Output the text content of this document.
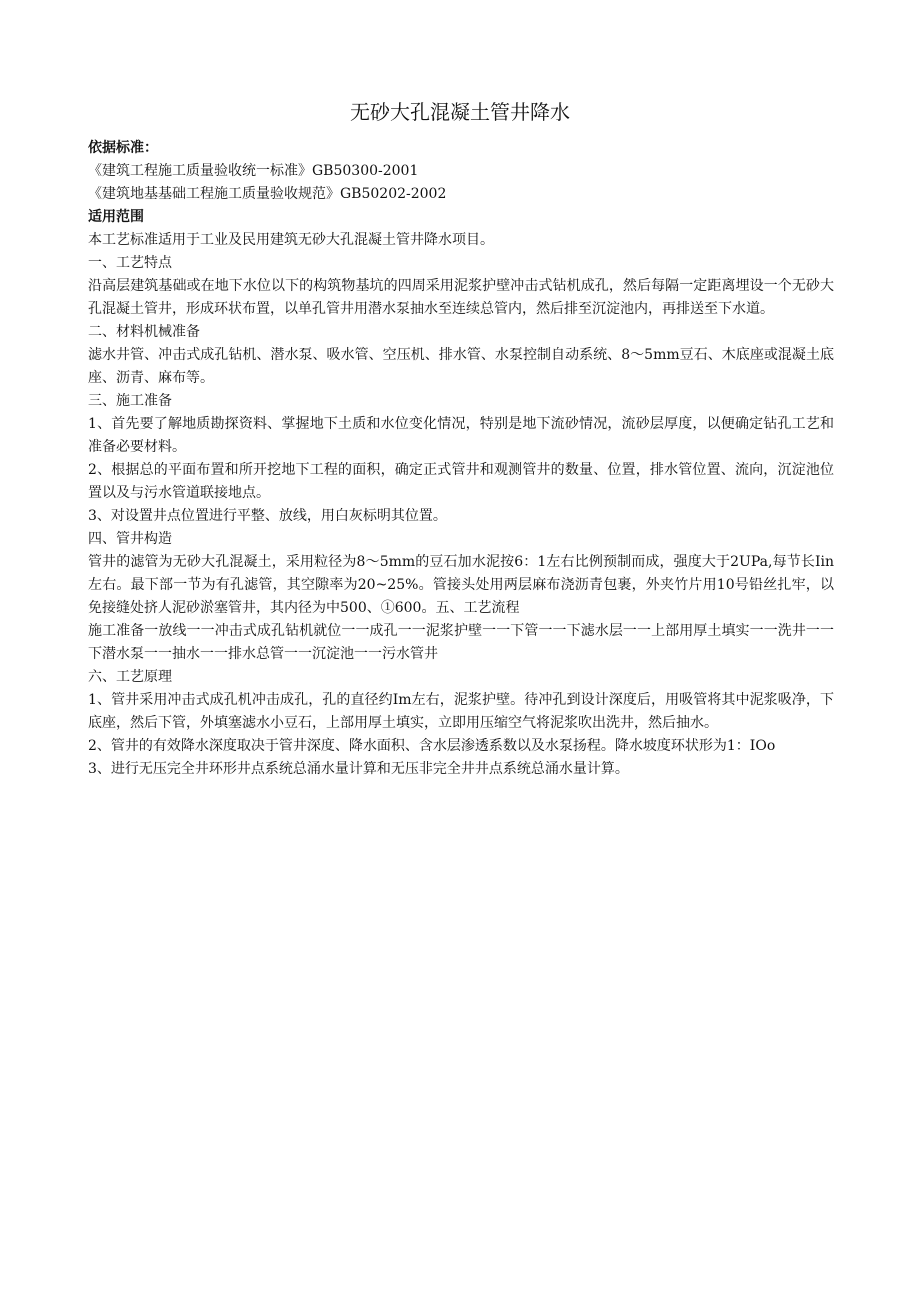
无砂大孔混凝土管井降水

依据标准：

《建筑工程施工质量验收统一标准》GB50300-2001

《建筑地基基础工程施工质量验收规范》GB50202-2002

适用范围

本工艺标准适用于工业及民用建筑无砂大孔混凝土管井降水项目。

一、工艺特点

沿高层建筑基础或在地下水位以下的构筑物基坑的四周采用泥浆护壁冲击式钻机成孔，然后每隔一定距离埋设一个无砂大孔混凝土管井，形成环状布置，以单孔管井用潜水泵抽水至连续总管内，然后排至沉淀池内，再排送至下水道。

二、材料机械准备

滤水井管、冲击式成孔钻机、潜水泵、吸水管、空压机、排水管、水泵控制自动系统、8～5mm豆石、木底座或混凝土底座、沥青、麻布等。

三、施工准备

1、首先要了解地质勘探资料、掌握地下土质和水位变化情况，特别是地下流砂情况，流砂层厚度，以便确定钻孔工艺和准备必要材料。

2、根据总的平面布置和所开挖地下工程的面积，确定正式管井和观测管井的数量、位置，排水管位置、流向，沉淀池位置以及与污水管道联接地点。

3、对设置井点位置进行平整、放线，用白灰标明其位置。

四、管井构造

管井的滤管为无砂大孔混凝土，采用粒径为8～5mm的豆石加水泥按6：1左右比例预制而成，强度大于2UPa,每节长Iin左右。最下部一节为有孔滤管，其空隙率为20~25%。管接头处用两层麻布浇沥青包裹，外夹竹片用10号铅丝扎牢，以免接缝处挤人泥砂淤塞管井，其内径为中500、①600。五、工艺流程

施工准备一放线一一冲击式成孔钻机就位一一成孔一一泥浆护壁一一下管一一下滤水层一一上部用厚土填实一一洗井一一下潜水泵一一抽水一一排水总管一一沉淀池一一污水管井

六、工艺原理

1、管井采用冲击式成孔机冲击成孔，孔的直径约Im左右，泥浆护壁。待冲孔到设计深度后，用吸管将其中泥浆吸净，下底座，然后下管，外填塞滤水小豆石，上部用厚土填实，立即用压缩空气将泥浆吹出洗井，然后抽水。

2、管井的有效降水深度取决于管井深度、降水面积、含水层渗透系数以及水泵扬程。降水坡度环状形为1：IOo

3、进行无压完全井环形井点系统总涌水量计算和无压非完全井井点系统总涌水量计算。
